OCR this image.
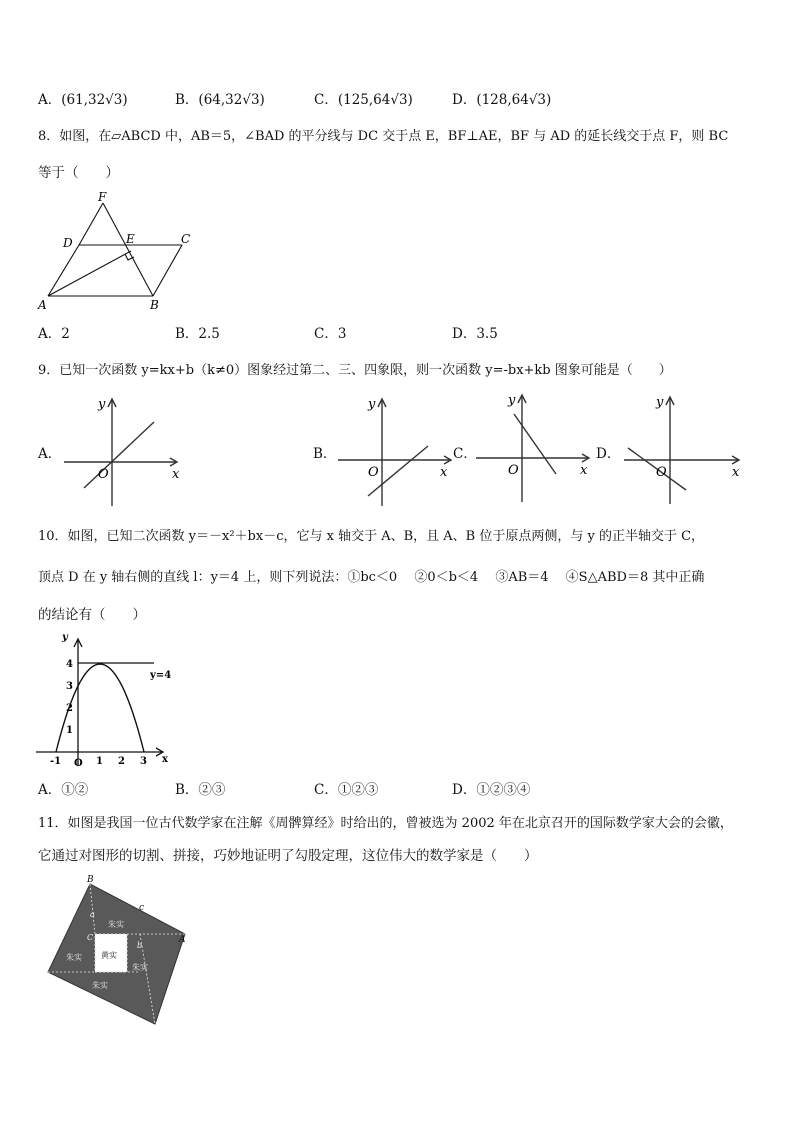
A．(61,32√3)	B．(64,32√3)	C．(125,64√3)	D．(128,64√3)
8．如图，在▱ABCD 中，AB＝5，∠BAD 的平分线与 DC 交于点 E，BF⊥AE，BF 与 AD 的延长线交于点 F，则 BC
等于（　　）
F
D	E	C
A	B
A．2	B．2.5	C．3	D．3.5
9．已知一次函数 y=kx+b（k≠0）图象经过第二、三、四象限，则一次函数 y=-bx+kb 图象可能是（　　）
A．
x
y
O
B．
x
y
O
C．
x
y
O
D．
x
y
O
10．如图，已知二次函数 y＝－x²＋bx－c，它与 x 轴交于 A、B，且 A、B 位于原点两侧，与 y 的正半轴交于 C，
顶点 D 在 y 轴右侧的直线 l：y＝4 上，则下列说法：①bc＜0　 ②0＜b＜4　 ③AB＝4　 ④S△ABD＝8 其中正确
的结论有（　　）
y
x
O
y=4
4
3
2
1
-1	1 2 3
A．①②	B．②③	C．①②③	D．①②③④
11．如图是我国一位古代数学家在注解《周髀算经》时给出的，曾被选为 2002 年在北京召开的国际数学家大会的会徽，
它通过对图形的切割、拼接，巧妙地证明了勾股定理，这位伟大的数学家是（　　）
黄实
朱实
朱实
朱实
朱实
B
A
c
a
b
C
